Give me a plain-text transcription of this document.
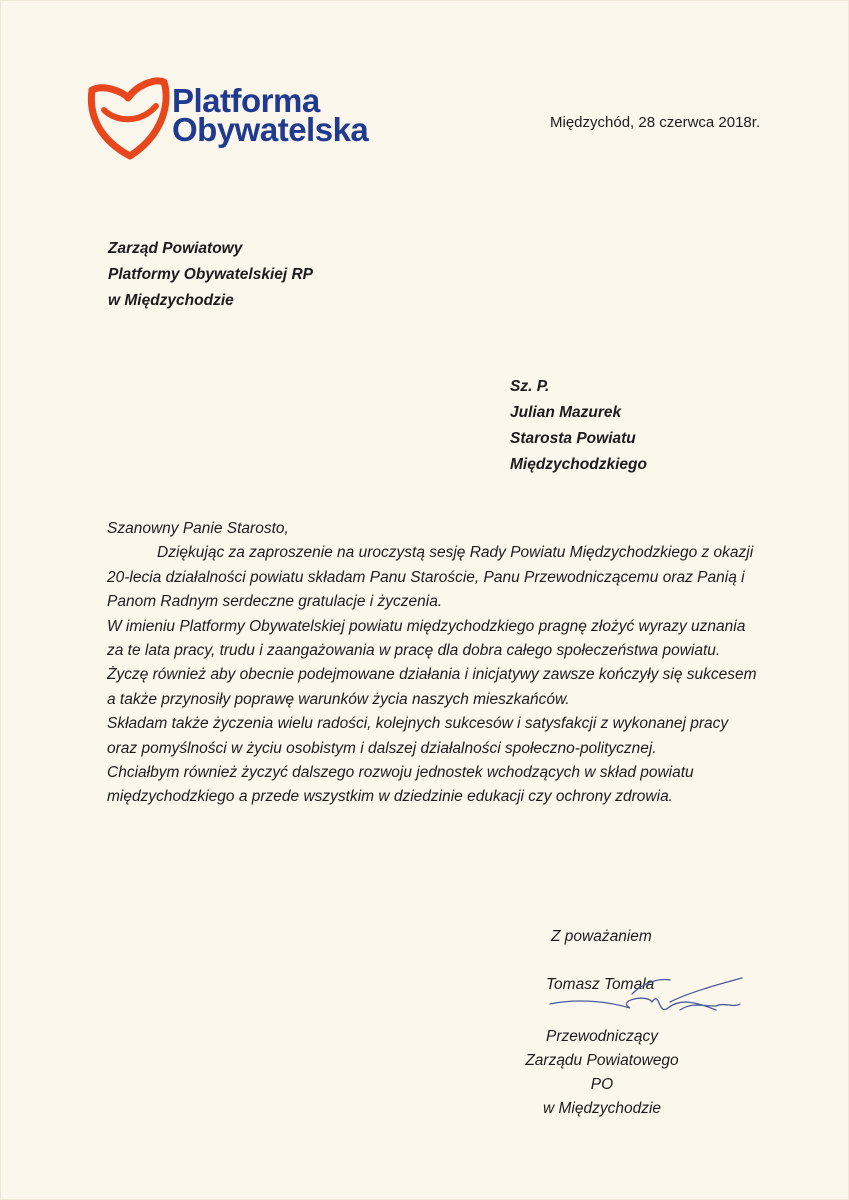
Platforma
Obywatelska	Międzychód, 28 czerwca 2018r.
Zarząd Powiatowy
Platformy Obywatelskiej RP
w Międzychodzie
Sz. P.
Julian Mazurek
Starosta Powiatu
Międzychodzkiego

Szanowny Panie Starosto,

Dziękując za zaproszenie na uroczystą sesję Rady Powiatu Międzychodzkiego z okazji 20-lecia działalności powiatu składam Panu Staroście, Panu Przewodniczącemu oraz Panią i Panom Radnym serdeczne gratulacje i życzenia.

W imieniu Platformy Obywatelskiej powiatu międzychodzkiego pragnę złożyć wyrazy uznania za te lata pracy, trudu i zaangażowania w pracę dla dobra całego społeczeństwa powiatu.

Życzę również aby obecnie podejmowane działania i inicjatywy zawsze kończyły się sukcesem a także przynosiły poprawę warunków życia naszych mieszkańców.

Składam także życzenia wielu radości, kolejnych sukcesów i satysfakcji z wykonanej pracy oraz pomyślności w życiu osobistym i dalszej działalności społeczno-politycznej.

Chciałbym również życzyć dalszego rozwoju jednostek wchodzących w skład powiatu międzychodzkiego a przede wszystkim w dziedzinie edukacji czy ochrony zdrowia.

Z poważaniem
Tomasz Tomala
Przewodniczący
Zarządu Powiatowego PO
w Międzychodzie
